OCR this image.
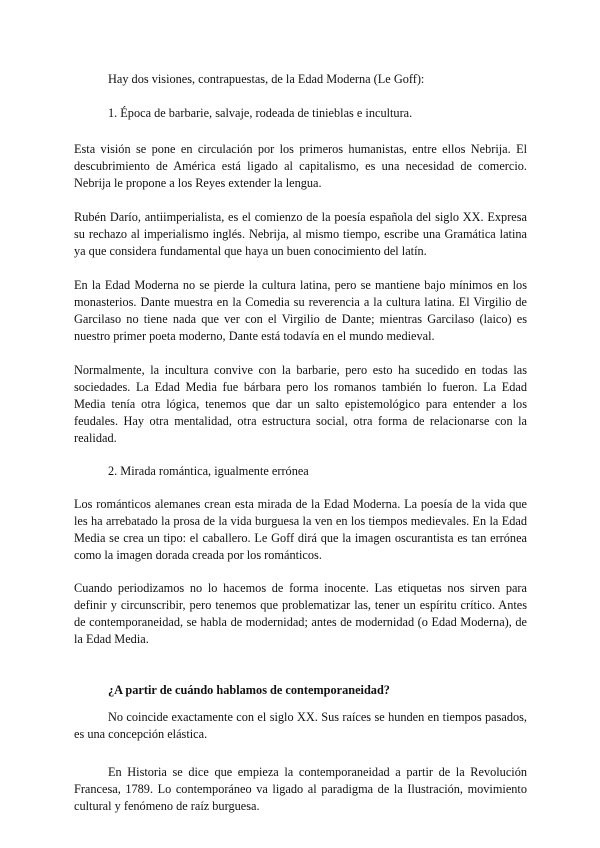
Hay dos visiones, contrapuestas, de la Edad Moderna (Le Goff):

1. Época de barbarie, salvaje, rodeada de tinieblas e incultura.

Esta visión se pone en circulación por los primeros humanistas, entre ellos Nebrija. El descubrimiento de América está ligado al capitalismo, es una necesidad de comercio. Nebrija le propone a los Reyes extender la lengua.

Rubén Darío, antiimperialista, es el comienzo de la poesía española del siglo XX. Expresa su rechazo al imperialismo inglés. Nebrija, al mismo tiempo, escribe una Gramática latina ya que considera fundamental que haya un buen conocimiento del latín.

En la Edad Moderna no se pierde la cultura latina, pero se mantiene bajo mínimos en los monasterios. Dante muestra en la Comedia su reverencia a la cultura latina. El Virgilio de Garcilaso no tiene nada que ver con el Virgilio de Dante; mientras Garcilaso (laico) es nuestro primer poeta moderno, Dante está todavía en el mundo medieval.

Normalmente, la incultura convive con la barbarie, pero esto ha sucedido en todas las sociedades. La Edad Media fue bárbara pero los romanos también lo fueron. La Edad Media tenía otra lógica, tenemos que dar un salto epistemológico para entender a los feudales. Hay otra mentalidad, otra estructura social, otra forma de relacionarse con la realidad.

2. Mirada romántica, igualmente errónea

Los románticos alemanes crean esta mirada de la Edad Moderna. La poesía de la vida que les ha arrebatado la prosa de la vida burguesa la ven en los tiempos medievales. En la Edad Media se crea un tipo: el caballero. Le Goff dirá que la imagen oscurantista es tan errónea como la imagen dorada creada por los románticos.

Cuando periodizamos no lo hacemos de forma inocente. Las etiquetas nos sirven para definir y circunscribir, pero tenemos que problematizar las, tener un espíritu crítico. Antes de contemporaneidad, se habla de modernidad; antes de modernidad (o Edad Moderna), de la Edad Media.

¿A partir de cuándo hablamos de contemporaneidad?

No coincide exactamente con el siglo XX. Sus raíces se hunden en tiempos pasados, es una concepción elástica.

En Historia se dice que empieza la contemporaneidad a partir de la Revolución Francesa, 1789. Lo contemporáneo va ligado al paradigma de la Ilustración, movimiento cultural y fenómeno de raíz burguesa.
